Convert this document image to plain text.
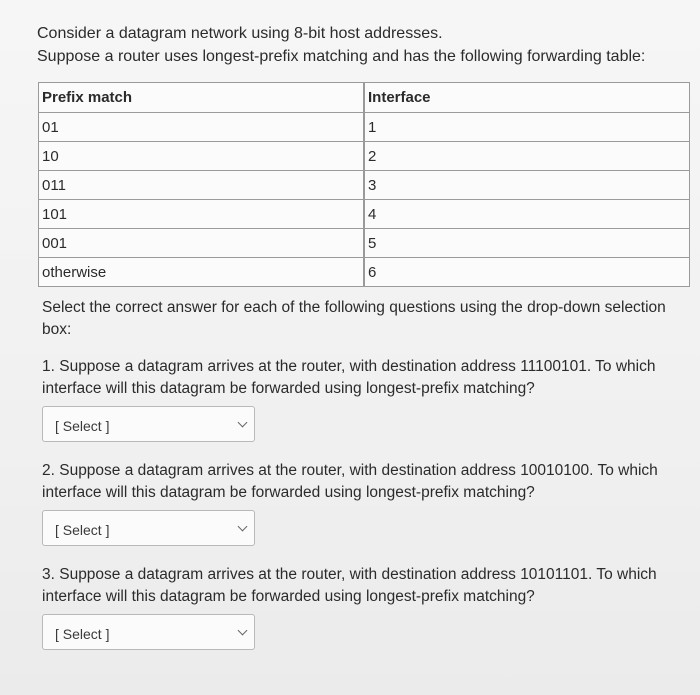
Consider a datagram network using 8-bit host addresses.
Suppose a router uses longest-prefix matching and has the following forwarding table:
Prefix match		Interface
01		1
10		2
011		3
101		4
001		5
otherwise		6
Select the correct answer for each of the following questions using the drop-down selection box:

1. Suppose a datagram arrives at the router, with destination address 11100101. To which interface will this datagram be forwarded using longest-prefix matching?

[ Select ]

2. Suppose a datagram arrives at the router, with destination address 10010100. To which interface will this datagram be forwarded using longest-prefix matching?

[ Select ]

3. Suppose a datagram arrives at the router, with destination address 10101101. To which interface will this datagram be forwarded using longest-prefix matching?

[ Select ]
